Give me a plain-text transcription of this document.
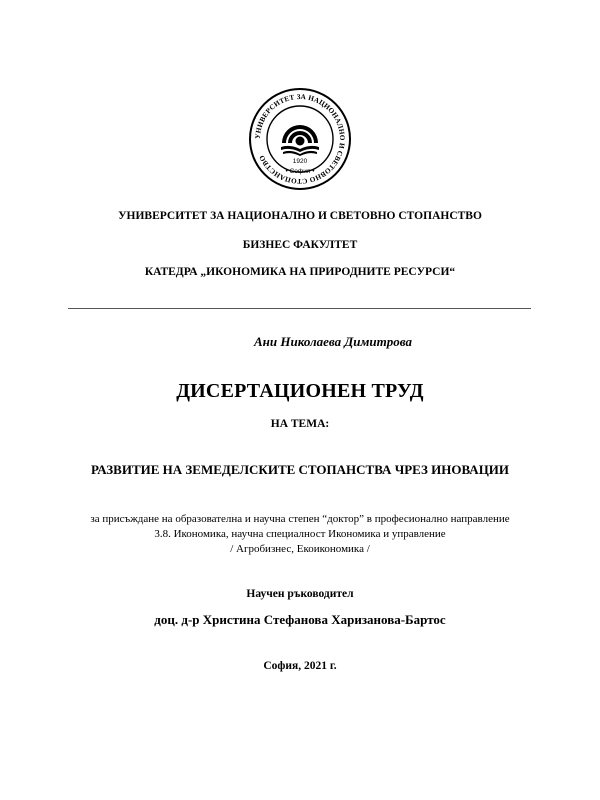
УНИВЕРСИТЕТ ЗА НАЦИОНАЛНО И СВЕТОВНО СТОПАНСТВО	1920
• София •
УНИВЕРСИТЕТ ЗА НАЦИОНАЛНО И СВЕТОВНО СТОПАНСТВО
БИЗНЕС ФАКУЛТЕТ
КАТЕДРА „ИКОНОМИКА НА ПРИРОДНИТЕ РЕСУРСИ“
Ани Николаева Димитрова
ДИСЕРТАЦИОНЕН ТРУД
НА ТЕМА:
РАЗВИТИЕ НА ЗЕМЕДЕЛСКИТЕ СТОПАНСТВА ЧРЕЗ ИНОВАЦИИ
за присъждане на образователна и научна степен “доктор” в професионално направление
3.8. Икономика, научна специалност Икономика и управление
/ Агробизнес, Екоикономика /
Научен ръководител
доц. д-р Христина Стефанова Харизанова-Бартос
София, 2021 г.
